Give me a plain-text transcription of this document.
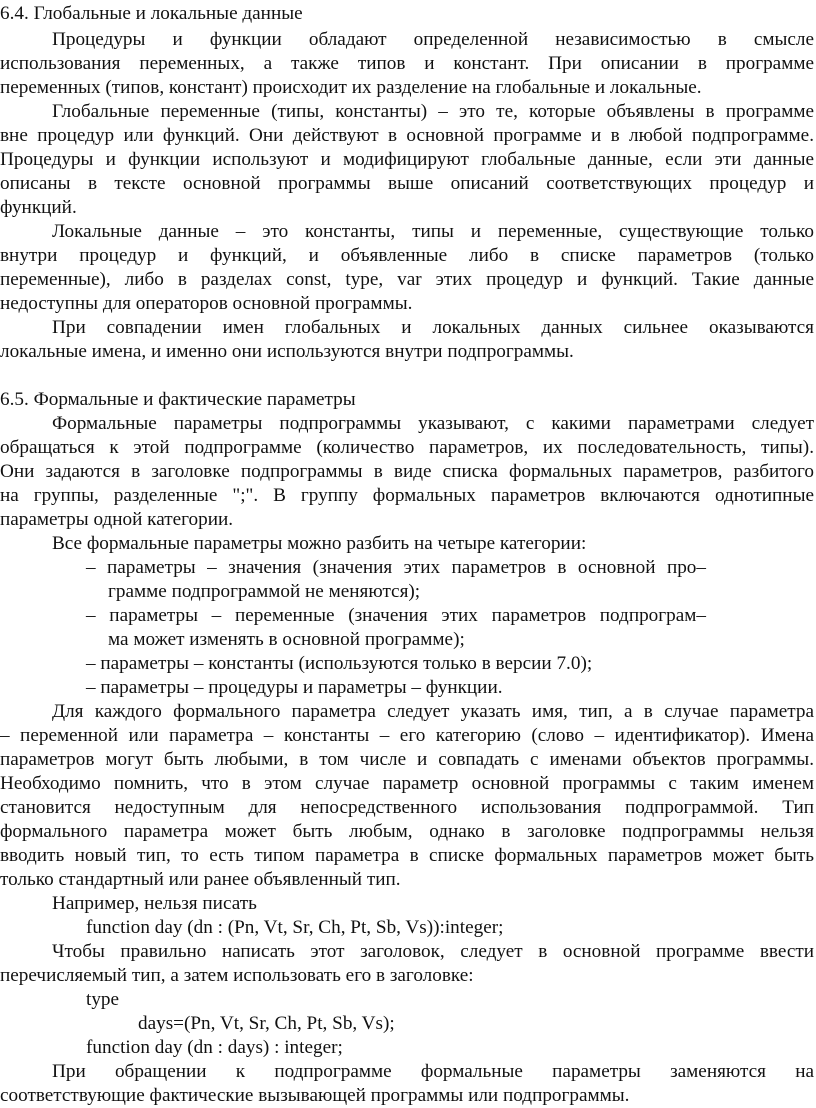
6.4. Глобальные и локальные данные
Процедуры и функции обладают определенной независимостью в смысле
использования переменных, а также типов и констант. При описании в программе
переменных (типов, констант) происходит их разделение на глобальные и локальные.
Глобальные переменные (типы, константы) – это те, которые объявлены в программе
вне процедур или функций. Они действуют в основной программе и в любой подпрограмме.
Процедуры и функции используют и модифицируют глобальные данные, если эти данные
описаны в тексте основной программы выше описаний соответствующих процедур и
функций.
Локальные данные – это константы, типы и переменные, существующие только
внутри процедур и функций, и объявленные либо в списке параметров (только
переменные), либо в разделах const, type, var этих процедур и функций. Такие данные
недоступны для операторов основной программы.
При совпадении имен глобальных и локальных данных сильнее оказываются
локальные имена, и именно они используются внутри подпрограммы.
6.5. Формальные и фактические параметры
Формальные параметры подпрограммы указывают, с какими параметрами следует
обращаться к этой подпрограмме (количество параметров, их последовательность, типы).
Они задаются в заголовке подпрограммы в виде списка формальных параметров, разбитого
на группы, разделенные ";". В группу формальных параметров включаются однотипные
параметры одной категории.
Все формальные параметры можно разбить на четыре категории:
– параметры – значения (значения этих параметров в основной про–
грамме подпрограммой не меняются);
– параметры – переменные (значения этих параметров подпрограм–
ма может изменять в основной программе);
– параметры – константы (используются только в версии 7.0);
– параметры – процедуры и параметры – функции.
Для каждого формального параметра следует указать имя, тип, а в случае параметра
– переменной или параметра – константы – его категорию (слово – идентификатор). Имена
параметров могут быть любыми, в том числе и совпадать с именами объектов программы.
Необходимо помнить, что в этом случае параметр основной программы с таким именем
становится недоступным для непосредственного использования подпрограммой. Тип
формального параметра может быть любым, однако в заголовке подпрограммы нельзя
вводить новый тип, то есть типом параметра в списке формальных параметров может быть
только стандартный или ранее объявленный тип.
Например, нельзя писать
function day (dn : (Pn, Vt, Sr, Ch, Pt, Sb, Vs)):integer;
Чтобы правильно написать этот заголовок, следует в основной программе ввести
перечисляемый тип, а затем использовать его в заголовке:
type
days=(Pn, Vt, Sr, Ch, Pt, Sb, Vs);
function day (dn : days) : integer;
При обращении к подпрограмме формальные параметры заменяются на
соответствующие фактические вызывающей программы или подпрограммы.
